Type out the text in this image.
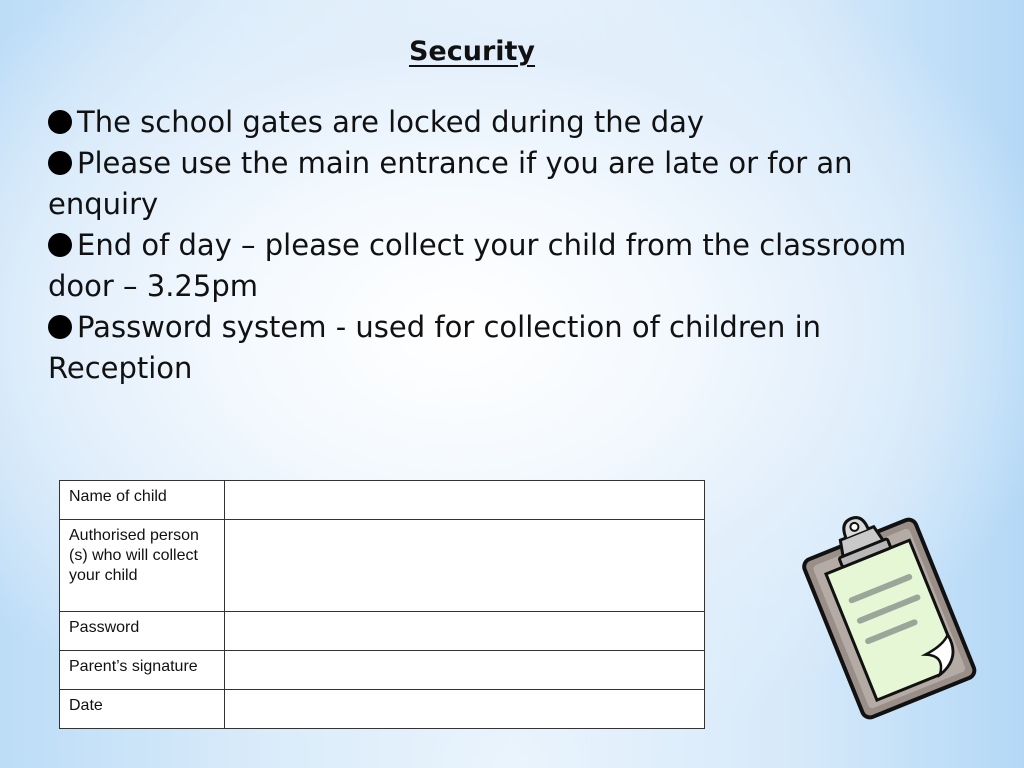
Security
The school gates are locked during the day
Please use the main entrance if you are late or for an enquiry
End of day – please collect your child from the classroom door – 3.25pm
Password system - used for collection of children in Reception
Name of child	
Authorised person (s) who will collect your child	
Password	
Parent’s signature	
Date	
